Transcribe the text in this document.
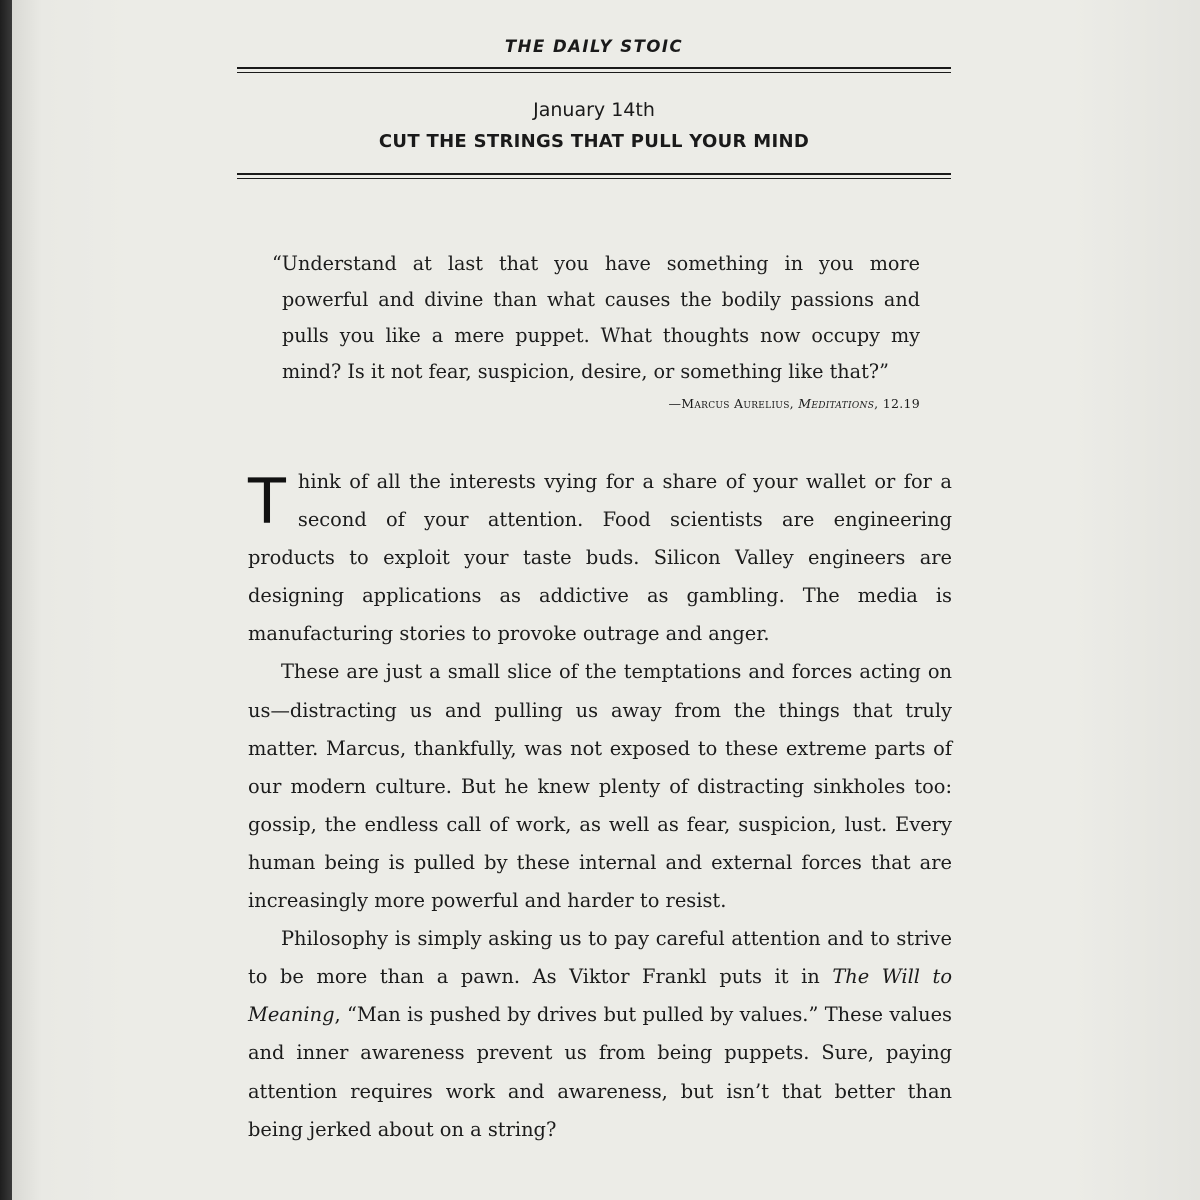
THE DAILY STOIC
January 14th
CUT THE STRINGS THAT PULL YOUR MIND

“Understand at last that you have something in you more powerful and divine than what causes the bodily passions and pulls you like a mere puppet. What thoughts now occupy my mind? Is it not fear, suspicion, desire, or something like that?”

—Marcus Aurelius, Meditations, 12.19

Think of all the interests vying for a share of your wallet or for a second of your attention. Food scientists are engineering products to exploit your taste buds. Silicon Valley engineers are designing applications as addictive as gambling. The media is manufacturing stories to provoke outrage and anger.

These are just a small slice of the temptations and forces acting on us—distracting us and pulling us away from the things that truly matter. Marcus, thankfully, was not exposed to these extreme parts of our modern culture. But he knew plenty of distracting sinkholes too: gossip, the endless call of work, as well as fear, suspicion, lust. Every human being is pulled by these internal and external forces that are increasingly more powerful and harder to resist.

Philosophy is simply asking us to pay careful attention and to strive to be more than a pawn. As Viktor Frankl puts it in The Will to Meaning, “Man is pushed by drives but pulled by values.” These values and inner awareness prevent us from being puppets. Sure, paying attention requires work and awareness, but isn’t that better than being jerked about on a string?
